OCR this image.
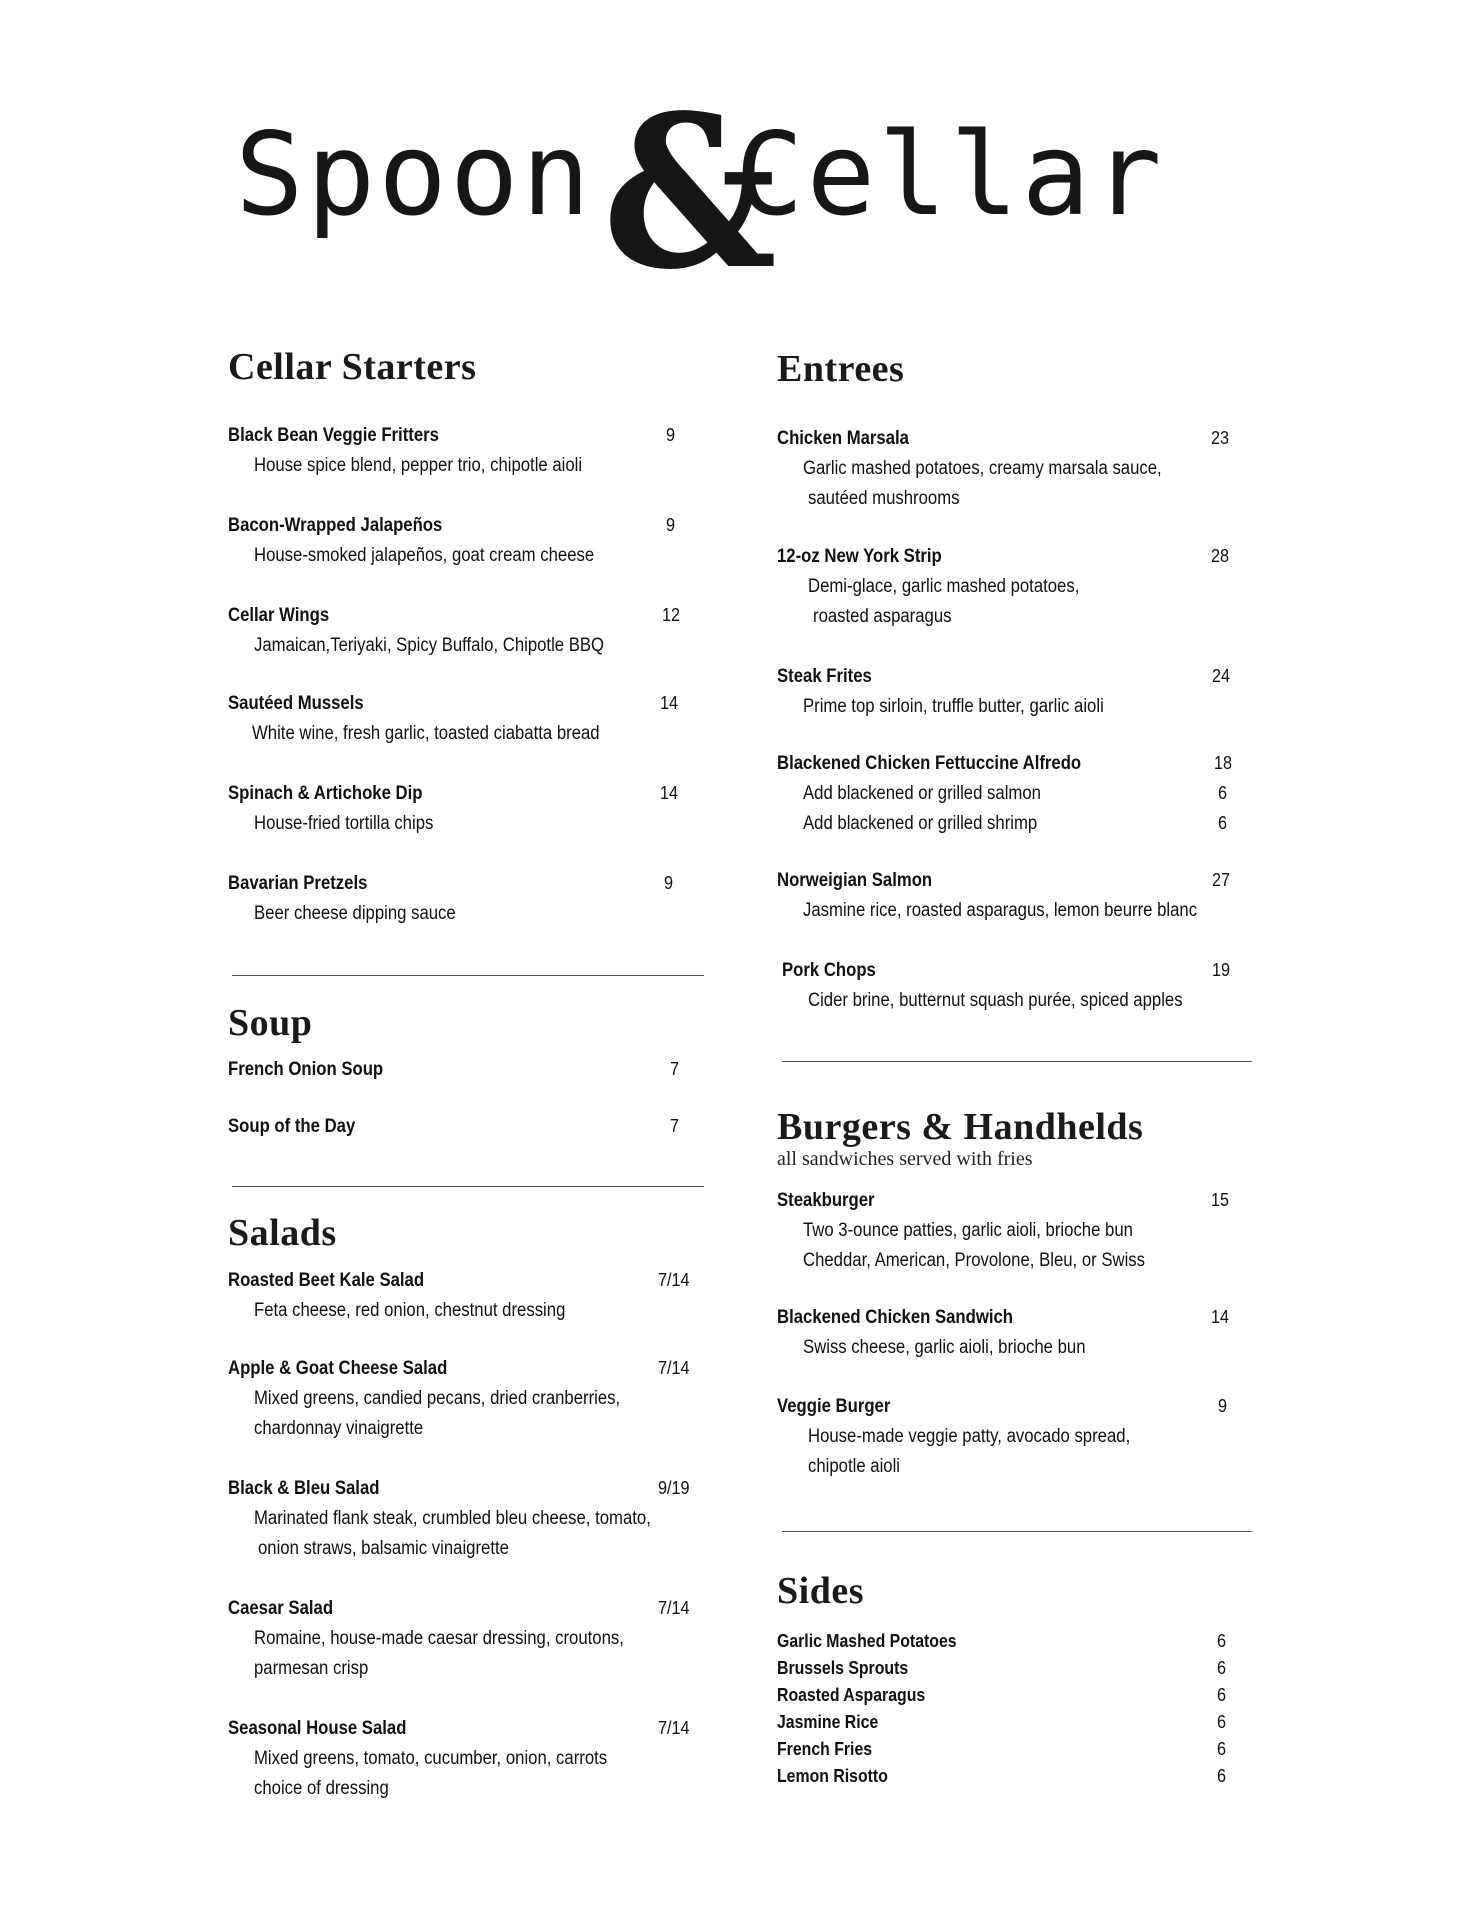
Spoon &
Cellar
Cellar Starters
Black Bean Veggie Fritters	9
House spice blend, pepper trio, chipotle aioli
Bacon-Wrapped Jalapeños	9
House-smoked jalapeños, goat cream cheese
Cellar Wings	12
Jamaican,Teriyaki, Spicy Buffalo, Chipotle BBQ
Sautéed Mussels	14
White wine, fresh garlic, toasted ciabatta bread
Spinach & Artichoke Dip	14
House-fried tortilla chips
Bavarian Pretzels	9
Beer cheese dipping sauce
Soup
French Onion Soup	7
Soup of the Day	7
Salads
Roasted Beet Kale Salad	7/14
Feta cheese, red onion, chestnut dressing
Apple & Goat Cheese Salad	7/14
Mixed greens, candied pecans, dried cranberries,
chardonnay vinaigrette
Black & Bleu Salad	9/19
Marinated flank steak, crumbled bleu cheese, tomato,
onion straws, balsamic vinaigrette
Caesar Salad	7/14
Romaine, house-made caesar dressing, croutons,
parmesan crisp
Seasonal House Salad	7/14
Mixed greens, tomato, cucumber, onion, carrots
choice of dressing
Entrees
Chicken Marsala	23
Garlic mashed potatoes, creamy marsala sauce,
sautéed mushrooms
12-oz New York Strip	28
Demi-glace, garlic mashed potatoes,
roasted asparagus
Steak Frites	24
Prime top sirloin, truffle butter, garlic aioli
Blackened Chicken Fettuccine Alfredo	18
Add blackened or grilled salmon	6
Add blackened or grilled shrimp	6
Norweigian Salmon	27
Jasmine rice, roasted asparagus, lemon beurre blanc
Pork Chops	19
Cider brine, butternut squash purée, spiced apples
Burgers & Handhelds
all sandwiches served with fries
Steakburger	15
Two 3-ounce patties, garlic aioli, brioche bun
Cheddar, American, Provolone, Bleu, or Swiss
Blackened Chicken Sandwich	14
Swiss cheese, garlic aioli, brioche bun
Veggie Burger	9
House-made veggie patty, avocado spread,
chipotle aioli
Sides
Garlic Mashed Potatoes	6
Brussels Sprouts	6
Roasted Asparagus	6
Jasmine Rice	6
French Fries	6
Lemon Risotto	6
